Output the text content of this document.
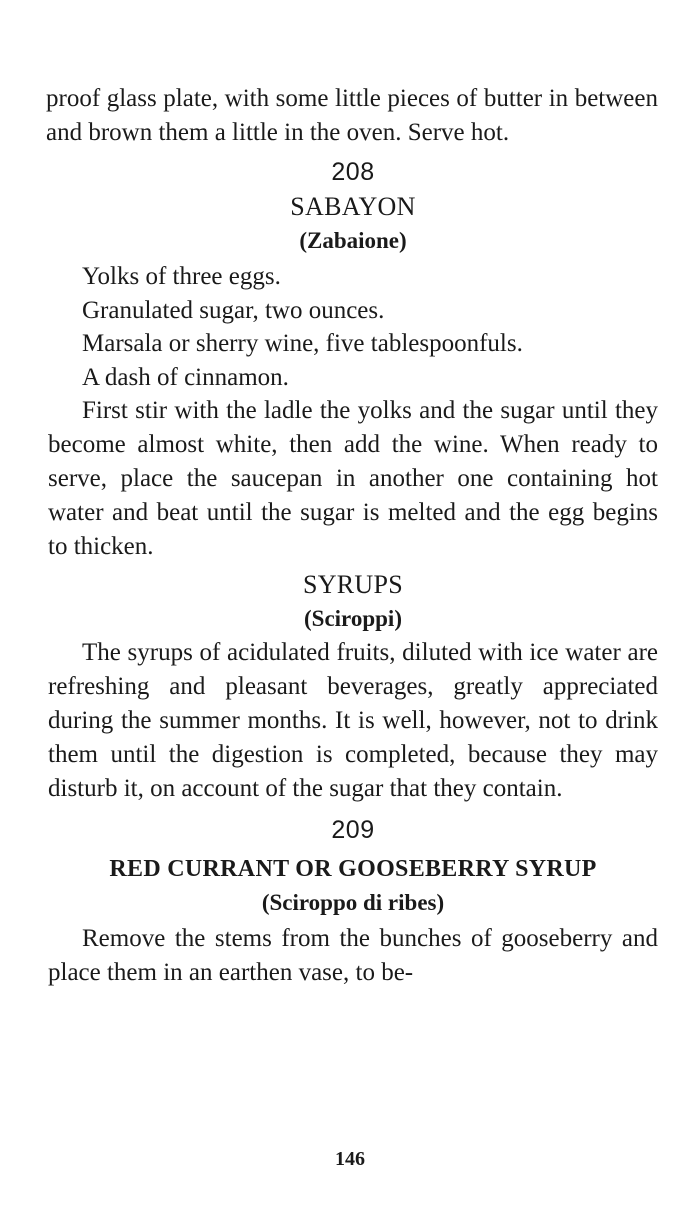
proof glass plate, with some little pieces of butter in between and brown them a little in the oven. Serve hot.

208

SABAYON

(Zabaione)

Yolks of three eggs.
Granulated sugar, two ounces.
Marsala or sherry wine, five tablespoonfuls.
A dash of cinnamon.

First stir with the ladle the yolks and the sugar until they become almost white, then add the wine. When ready to serve, place the saucepan in another one containing hot water and beat until the sugar is melted and the egg begins to thicken.

SYRUPS

(Sciroppi)

The syrups of acidulated fruits, diluted with ice water are refreshing and pleasant beverages, greatly appreciated during the summer months. It is well, however, not to drink them until the digestion is completed, because they may disturb it, on account of the sugar that they contain.

209

RED CURRANT OR GOOSEBERRY SYRUP

(Sciroppo di ribes)

Remove the stems from the bunches of gooseberry and place them in an earthen vase, to be-

146
